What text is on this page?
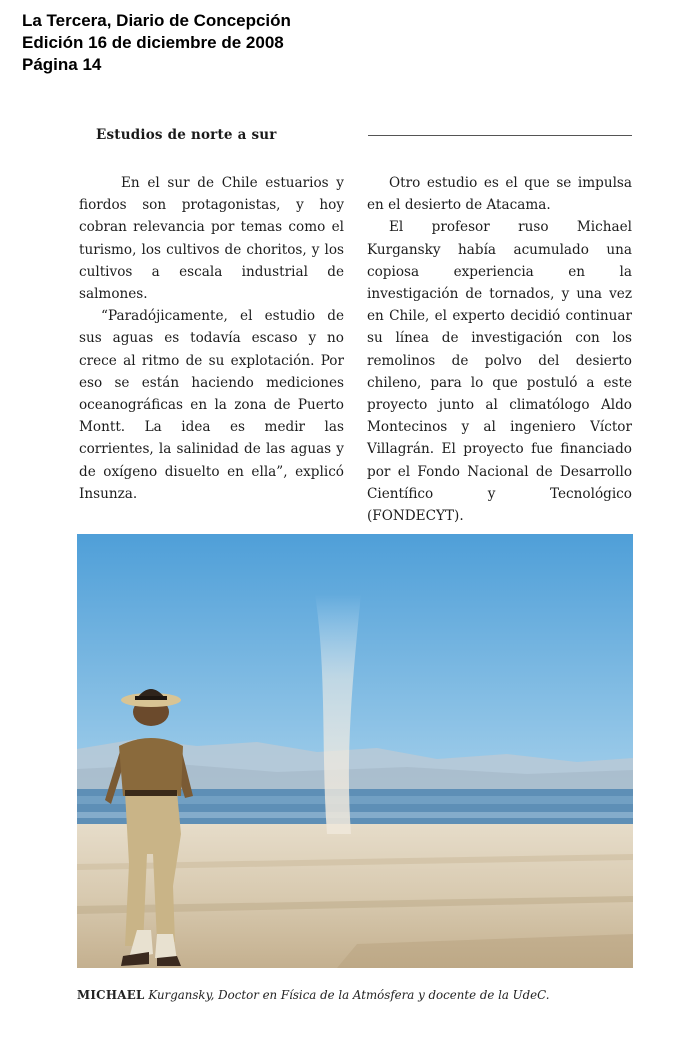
La Tercera, Diario de Concepción
Edición 16 de diciembre de 2008
Página 14
Estudios de norte a sur

En el sur de Chile estuarios y fiordos son protagonistas, y hoy cobran relevancia por temas como el turismo, los cultivos de choritos, y los cultivos a escala industrial de salmones.

“Paradójicamente, el estudio de sus aguas es todavía escaso y no crece al ritmo de su explotación. Por eso se están haciendo mediciones oceanográficas en la zona de Puerto Montt. La idea es medir las corrientes, la salinidad de las aguas y de oxígeno disuelto en ella”, explicó Insunza.

Otro estudio es el que se impulsa en el desierto de Atacama.

El profesor ruso Michael Kurgansky había acumulado una copiosa experiencia en la investigación de tornados, y una vez en Chile, el experto decidió continuar su línea de investigación con los remolinos de polvo del desierto chileno, para lo que postuló a este proyecto junto al climatólogo Aldo Montecinos y al ingeniero Víctor Villagrán. El proyecto fue financiado por el Fondo Nacional de Desarrollo Científico y Tecnológico (FONDECYT).

MICHAEL Kurgansky, Doctor en Física de la Atmósfera y docente de la UdeC.
